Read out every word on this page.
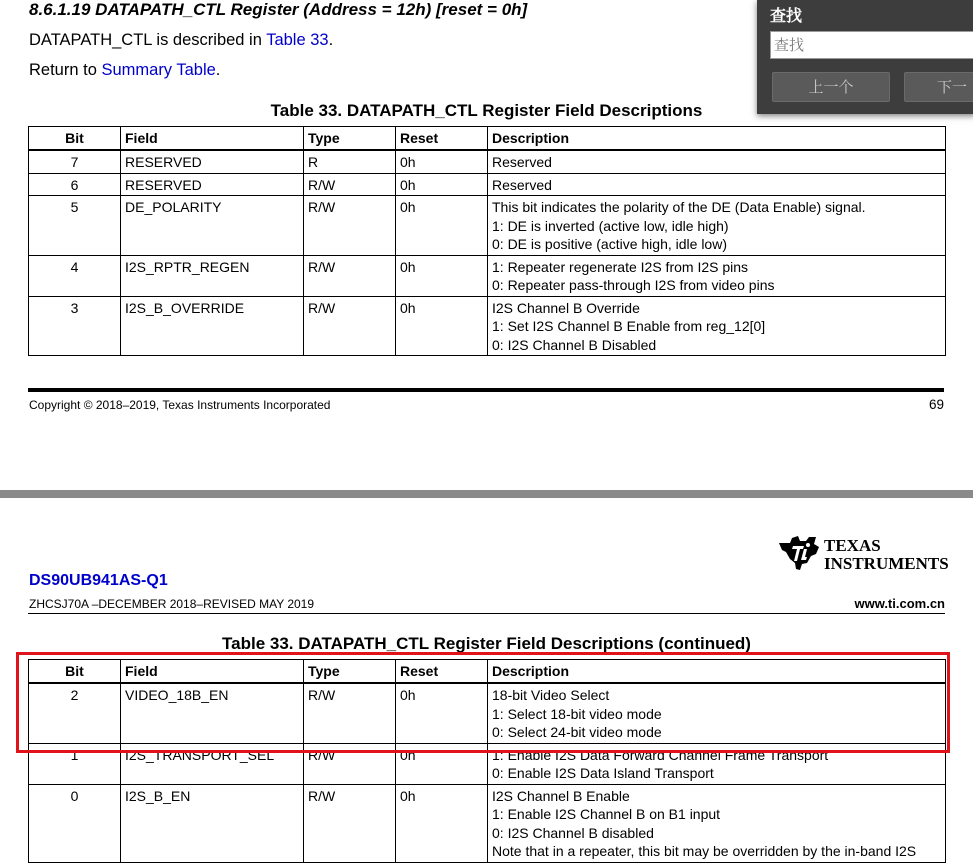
8.6.1.19 DATAPATH_CTL Register (Address = 12h) [reset = 0h]
DATAPATH_CTL is described in Table 33.
Return to Summary Table.
Table 33. DATAPATH_CTL Register Field Descriptions
Bit	Field	Type	Reset	Description
7	RESERVED	R	0h	Reserved

6	RESERVED	R/W	0h	Reserved

5	DE_POLARITY	R/W	0h	This bit indicates the polarity of the DE (Data Enable) signal.
1: DE is inverted (active low, idle high)
0: DE is positive (active high, idle low)

4	I2S_RPTR_REGEN	R/W	0h	1: Repeater regenerate I2S from I2S pins
0: Repeater pass-through I2S from video pins

3	I2S_B_OVERRIDE	R/W	0h	I2S Channel B Override
1: Set I2S Channel B Enable from reg_12[0]
0: I2S Channel B Disabled
Copyright © 2018–2019, Texas Instruments Incorporated	69
TEXAS
INSTRUMENTS
DS90UB941AS-Q1
ZHCSJ70A –DECEMBER 2018–REVISED MAY 2019	www.ti.com.cn
Table 33. DATAPATH_CTL Register Field Descriptions (continued)
Bit	Field	Type	Reset	Description
2	VIDEO_18B_EN	R/W	0h	18-bit Video Select
1: Select 18-bit video mode
0: Select 24-bit video mode

1	I2S_TRANSPORT_SEL	R/W	0h	1: Enable I2S Data Forward Channel Frame Transport
0: Enable I2S Data Island Transport

0	I2S_B_EN	R/W	0h	I2S Channel B Enable
1: Enable I2S Channel B on B1 input
0: I2S Channel B disabled
Note that in a repeater, this bit may be overridden by the in-band I2S
查找
查找
上一个	下一
